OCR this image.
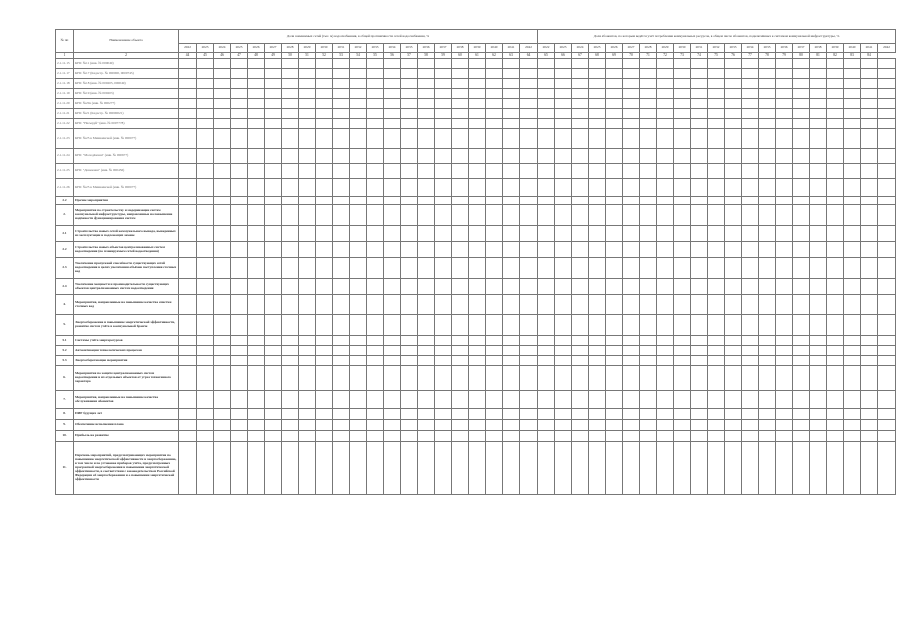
№ пп	Наименование объекта	Доля заменяемых сетей (тыс. м) водоснабжения, в общей протяжённости сетей водоснабжения, %																					Доля абонентов, по которым ведётся учёт потребления коммунальных ресурсов, в общем числе абонентов, подключённых к системам коммунальной инфраструктуры, %																				
		2022	2023	2024	2025	2026	2027	2028	2029	2030	2031	2032	2033	2034	2035	2036	2037	2038	2039	2040	2041	2042	2022	2023	2024	2025	2026	2027	2028	2029	2030	2031	2032	2033	2034	2035	2036	2037	2038	2039	2040	2041	2042
1	2	44	45	46	47	48	49	50	51	52	53	54	55	56	57	58	59	60	61	62	63	64	65	66	67	68	69	70	71	72	73	74	75	76	77	78	79	80	81	82	83	84	
2.1.11.15	КНС №11 (инв. № 000049)																																										
2.1.11.17	КНС №17 (Кадастр. № 000000, 0000745)																																										
2.1.11.18	КНС №18 (инв. № 000205, 000049)																																										
2.1.11.19	КНС №19 (инв. № 000203)																																										
2.1.11.20	КНС №20а (инв. № 000277)																																										
2.1.11.21	КНС №21 (Кадастр. № 00000021)																																										
2.1.11.22	КНС "Насыруй" (инв. № 0007778)																																										
2.1.11.23	КНС №25 в Мишкинской (инв. № 000077)																																										
2.1.11.24	КНС "Молодёжная" (инв. № 000677)																																										
2.1.11.25	КНС "Денежная" (инв. № 000456)																																										
2.1.11.26	КНС №25 в Мишкинской (инв. № 000077)																																										
2.2	Прочие мероприятия																																										
2.	Мероприятия по строительству и модернизации систем коммунальной инфраструктуры, направленные на повышение надёжности функционирования систем																																										
2.1	Строительство новых сетей коммунального вывода, выведенных из эксплуатации и подлежащих замене																																										
2.2	Строительство новых объектов централизованных систем водоотведения (по планируемым сетей водоотведения)																																										
2.3	Увеличение пропускной способности существующих сетей водоотведения в целях увеличения объёмов поступления сточных вод																																										
2.4	Увеличение мощности и производительности существующих объектов централизованных систем водоотведения																																										
4.	Мероприятия, направленные на повышение качества очистки сточных вод																																										
5.	Энергосбережение и повышение энергетической эффективности, развитие систем учёта в коммунальной бранче																																										
5.1	Системы учёта энергоресурсов																																										
5.2	Автоматизация технологических процессов																																										
5.3	Энергосберегающие мероприятия																																										
6.	Мероприятия по защите централизованных систем водоотведения и их отдельных объектов от угроз техногенного характера																																										
7.	Мероприятия, направленные на повышение качества обслуживания абонентов																																										
8.	ПИР будущих лет																																										
9.	Обеспечение исполнения плана																																										
10.	Прибыль на развитие																																										
11.	Перечень мероприятий, предусматривающих мероприятия по повышению энергетической эффективности и энергосбережению, в том числе и по установке приборов учёта, предусмотренных программой энергосбережения и повышения энергетической эффективности, в соответствии с законодательством Российской Федерации об энергосбережении и о повышении энергетической эффективности																																										
